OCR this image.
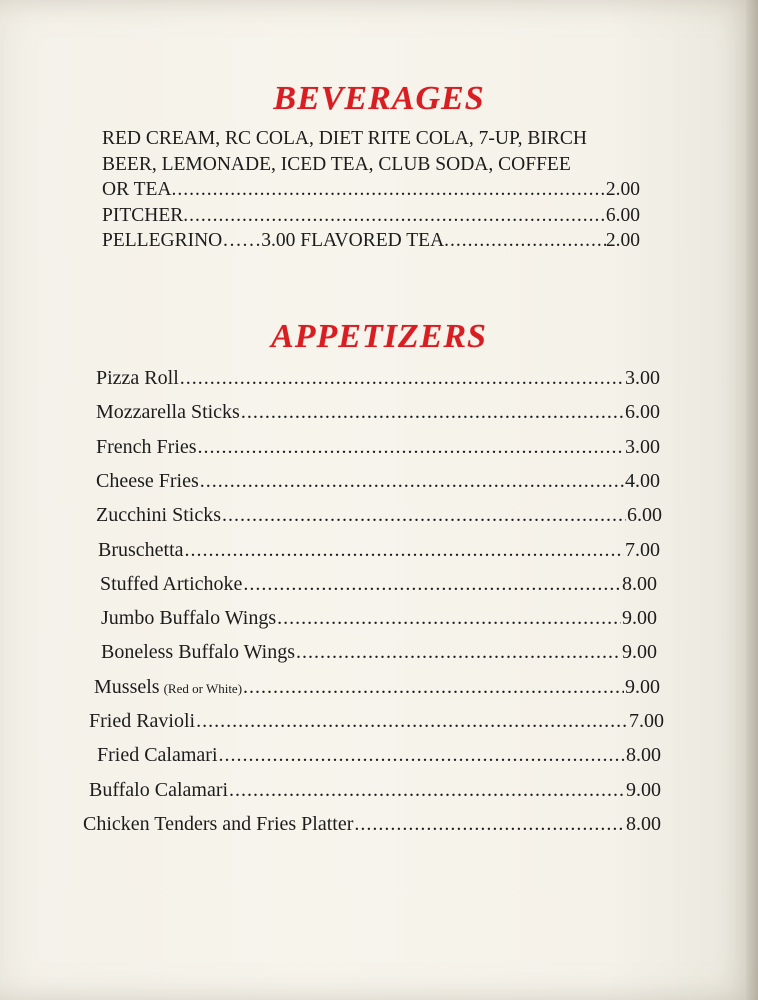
BEVERAGES
RED CREAM, RC COLA, DIET RITE COLA, 7-UP, BIRCH
BEER, LEMONADE, ICED TEA, CLUB SODA, COFFEE
OR TEA .....	2.00
PITCHER .....	6.00
PELLEGRINO……3.00 FLAVORED TEA .....	2.00
APPETIZERS
Pizza Roll .....	3.00
Mozzarella Sticks .....	6.00
French Fries .....	3.00
Cheese Fries .....	4.00
Zucchini Sticks .....	6.00
Bruschetta .....	7.00
Stuffed Artichoke .....	8.00
Jumbo Buffalo Wings .....	9.00
Boneless Buffalo Wings .....	9.00
Mussels (Red or White) .....	9.00
Fried Ravioli .....	7.00
Fried Calamari .....	8.00
Buffalo Calamari .....	9.00
Chicken Tenders and Fries Platter .....	8.00
